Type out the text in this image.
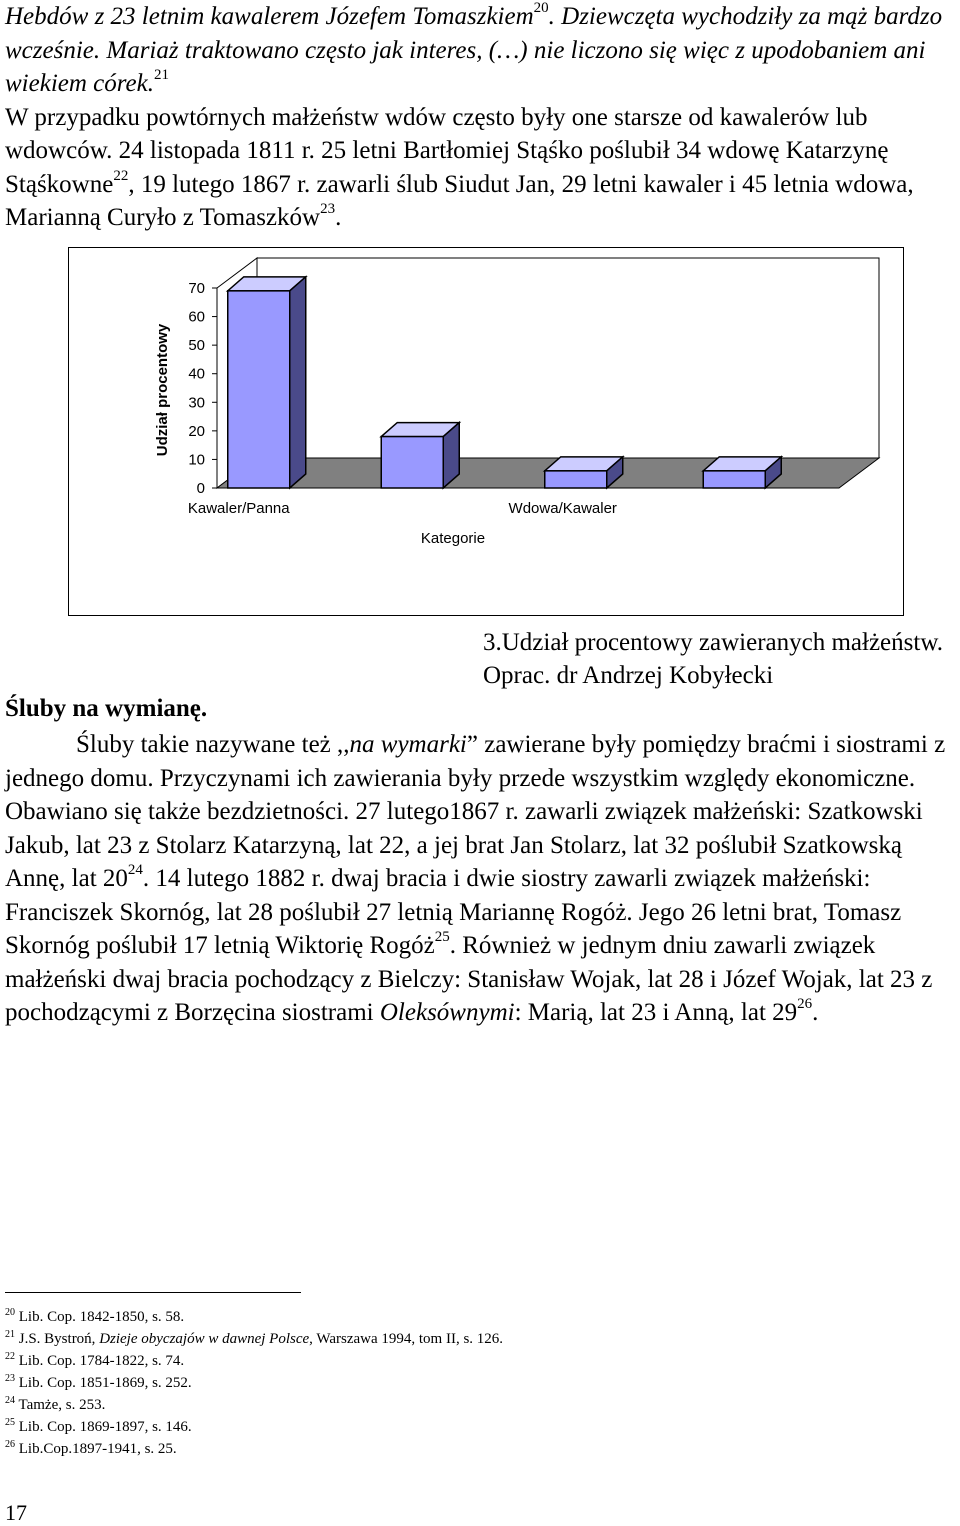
Hebdów z 23 letnim kawalerem Józefem Tomaszkiem$^{20}$. Dziewczęta wychodziły za mąż bardzo wcześnie. Mariaż traktowano często jak interes, (…) nie liczono się więc z upodobaniem ani wiekiem córek.$^{21}$
W przypadku powtórnych małżeństw wdów często były one starsze od kawalerów lub wdowców. 24 listopada 1811 r. 25 letni Bartłomiej Stąśko poślubił 34 wdowę Katarzynę Stąśkowne$^{22}$, 19 lutego 1867 r. zawarli ślub Siudut Jan, 29 letni kawaler i 45 letnia wdowa, Marianną Curyło z Tomaszków$^{23}$.

0
10
20
30
40
50
60
70
Udział procentowy
Kategorie
Kawaler/Panna	Wdowa/Kawaler
3.Udział procentowy zawieranych małżeństw. Oprac. dr Andrzej Kobyłecki
Śluby na wymianę.

Śluby takie nazywane też ,,na wymarki” zawierane były pomiędzy braćmi i siostrami z jednego domu. Przyczynami ich zawierania były przede wszystkim względy ekonomiczne. Obawiano się także bezdzietności. 27 lutego1867 r. zawarli związek małżeński: Szatkowski Jakub, lat 23 z Stolarz Katarzyną, lat 22, a jej brat Jan Stolarz, lat 32 poślubił Szatkowską Annę, lat $20^{24}$. 14 lutego 1882 r. dwaj bracia i dwie siostry zawarli związek małżeński: Franciszek Skornóg, lat 28 poślubił 27 letnią Mariannę Rogóż. Jego 26 letni brat, Tomasz Skornóg poślubił 17 letnią Wiktorię Rogóż$^{25}$. Również w jednym dniu zawarli związek małżeński dwaj bracia pochodzący z Bielczy: Stanisław Wojak, lat 28 i Józef Wojak, lat 23 z pochodzącymi z Borzęcina siostrami Oleksównymi: Marią, lat 23 i Anną, lat $29^{26}$.

$^{20}$ Lib. Cop. 1842-1850, s. 58.
$^{21}$ J.S. Bystroń, Dzieje obyczajów w dawnej Polsce, Warszawa 1994, tom II, s. 126.
$^{22}$ Lib. Cop. 1784-1822, s. 74.
$^{23}$ Lib. Cop. 1851-1869, s. 252.
$^{24}$ Tamże, s. 253.
$^{25}$ Lib. Cop. 1869-1897, s. 146.
$^{26}$ Lib.Cop.1897-1941, s. 25.
17
